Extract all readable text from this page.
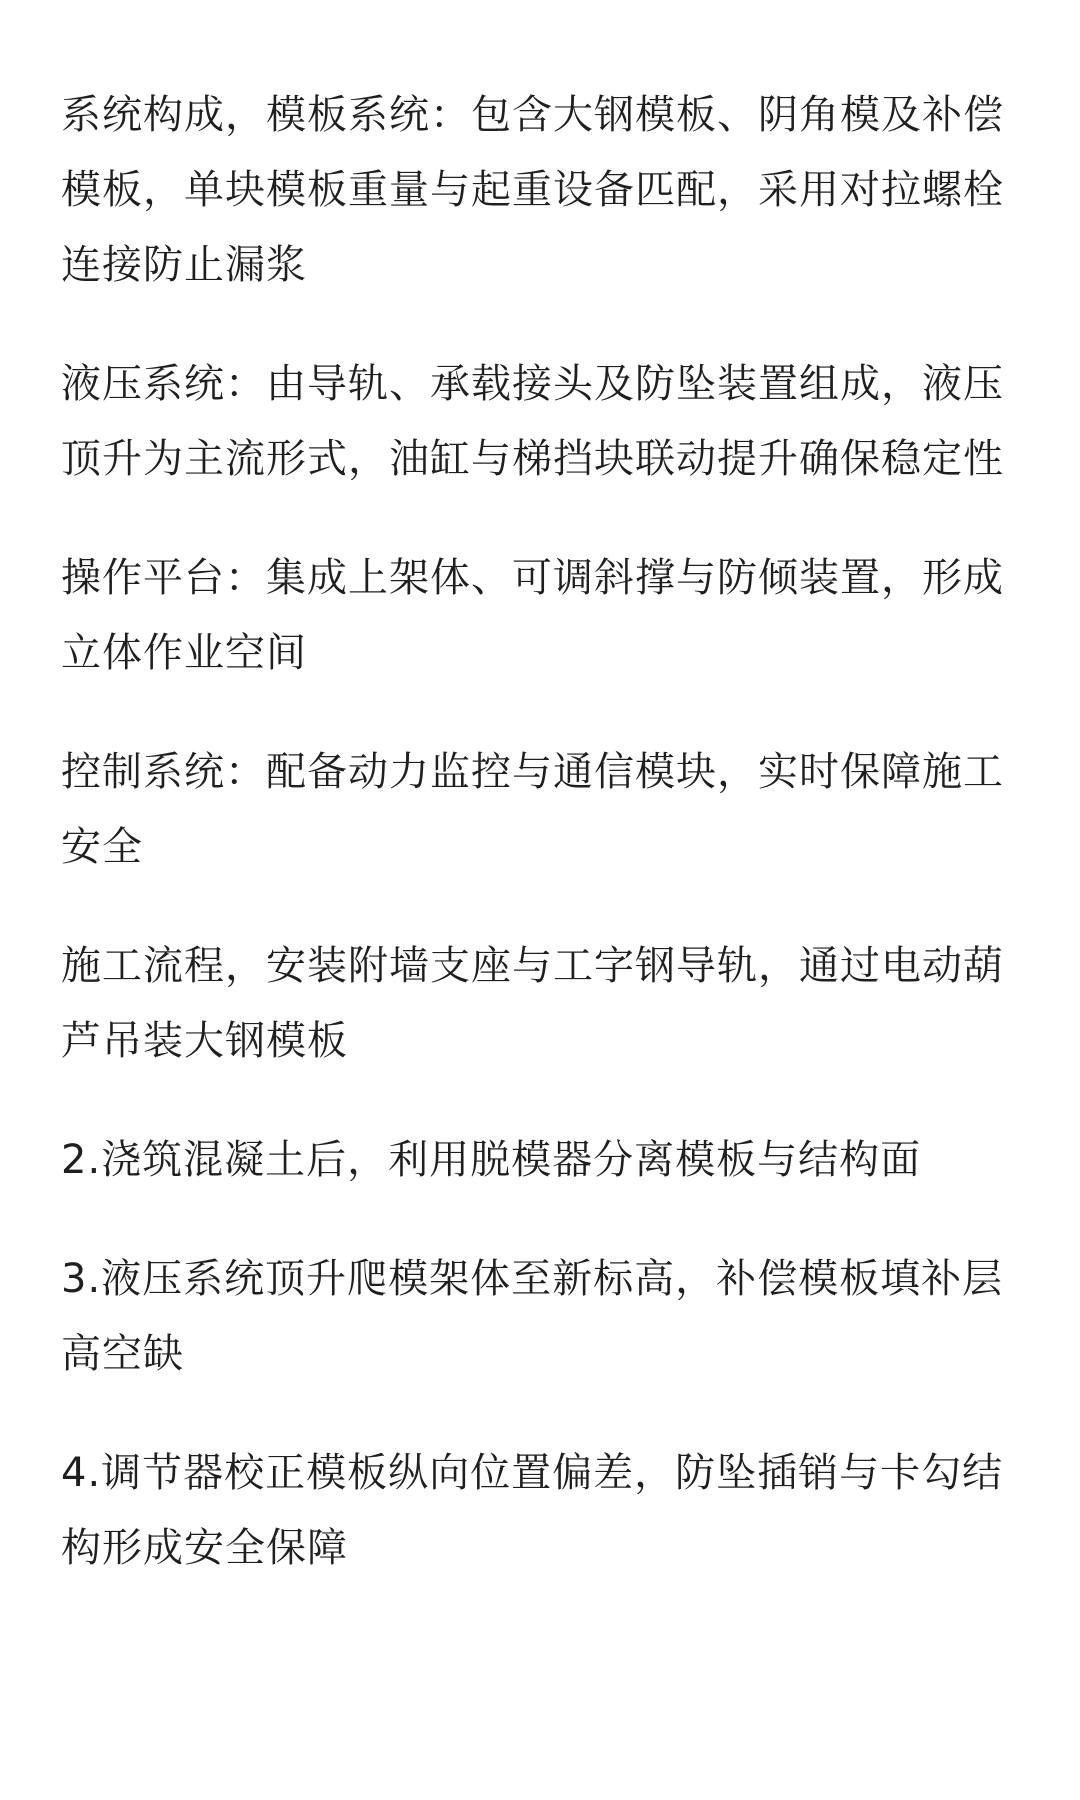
系统构成，模板系统：包含大钢模板、阴角模及补偿模板，单块模板重量与起重设备匹配，采用对拉螺栓连接防止漏浆

液压系统：由导轨、承载接头及防坠装置组成，液压顶升为主流形式，油缸与梯挡块联动提升确保稳定性

操作平台：集成上架体、可调斜撑与防倾装置，形成立体作业空间

控制系统：配备动力监控与通信模块，实时保障施工安全

施工流程，安装附墙支座与工字钢导轨，通过电动葫芦吊装大钢模板

2.浇筑混凝土后，利用脱模器分离模板与结构面

3.液压系统顶升爬模架体至新标高，补偿模板填补层高空缺

4.调节器校正模板纵向位置偏差，防坠插销与卡勾结构形成安全保障
